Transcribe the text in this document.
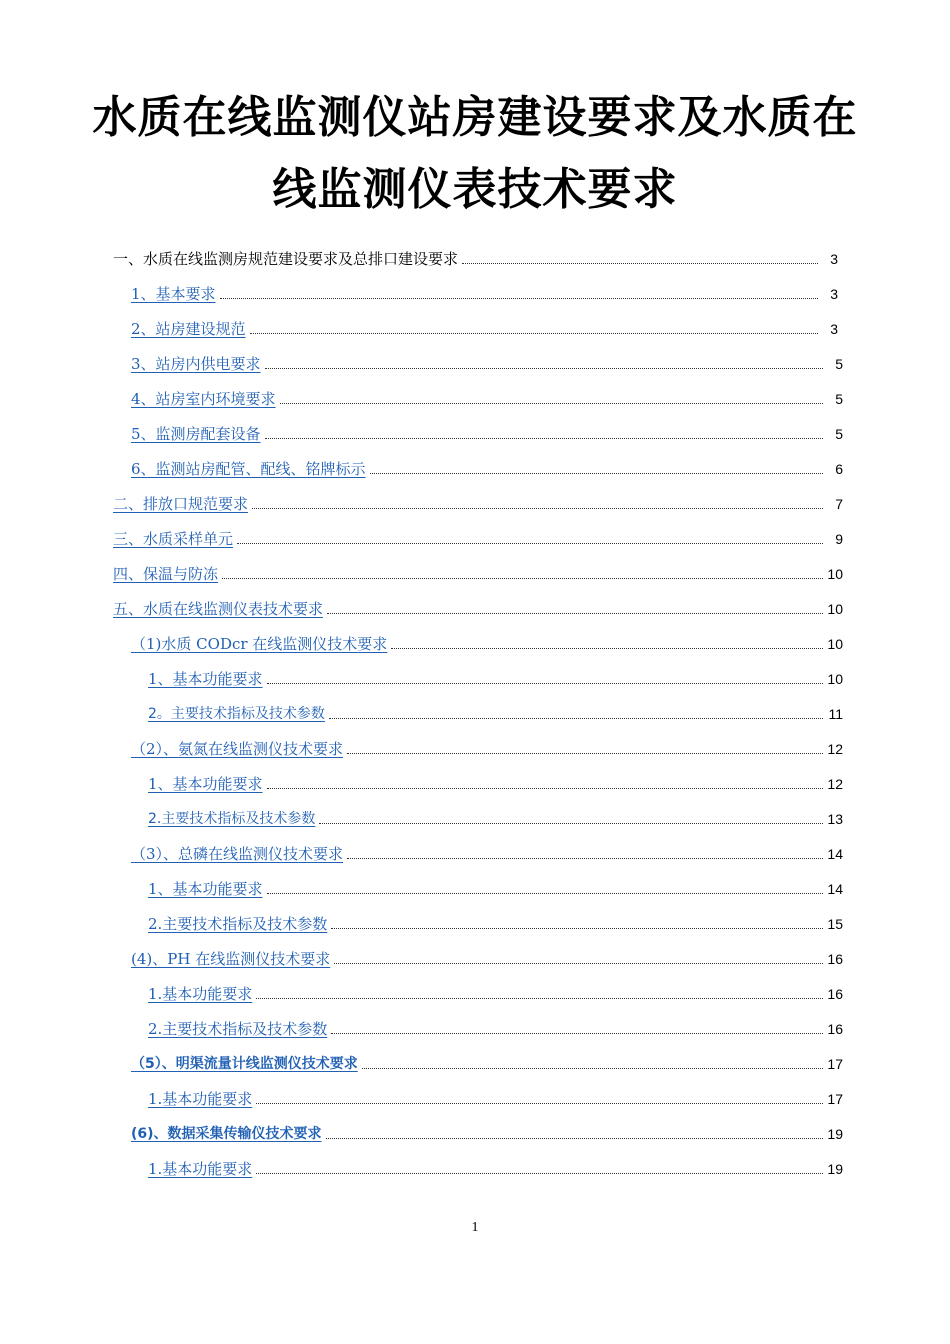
水质在线监测仪站房建设要求及水质在
线监测仪表技术要求
一、水质在线监测房规范建设要求及总排口建设要求	3
1、基本要求	3
2、站房建设规范	3
3、站房内供电要求	5
4、站房室内环境要求	5
5、监测房配套设备	5
6、监测站房配管、配线、铭牌标示	6
二、排放口规范要求	7
三、水质采样单元	9
四、保温与防冻	10
五、水质在线监测仪表技术要求	10
（1)水质 CODcr 在线监测仪技术要求	10
1、基本功能要求	10
2。主要技术指标及技术参数	11
（2）、氨氮在线监测仪技术要求	12
1、基本功能要求	12
2.主要技术指标及技术参数	13
（3）、总磷在线监测仪技术要求	14
1、基本功能要求	14
2.主要技术指标及技术参数	15
(4)、PH 在线监测仪技术要求	16
1.基本功能要求	16
2.主要技术指标及技术参数	16
（5）、明渠流量计线监测仪技术要求	17
1.基本功能要求	17
(6)、数据采集传输仪技术要求	19
1.基本功能要求	19
1
